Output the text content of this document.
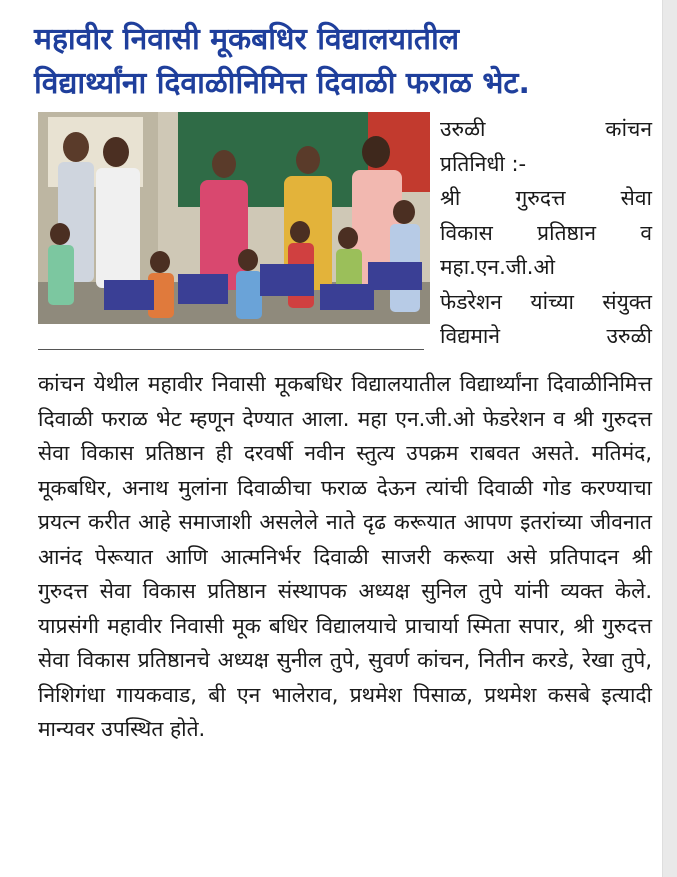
महावीर निवासी मूकबधिर विद्यालयातील
विद्यार्थ्यांना दिवाळीनिमित्त दिवाळी फराळ भेट.
उरुळी कांचन
प्रतिनिधी :-
श्री गुरुदत्त सेवा
विकास प्रतिष्ठान व
महा.एन.जी.ओ
फेडरेशन यांच्या संयुक्त
विद्यमाने उरुळी

कांचन येथील महावीर निवासी मूकबधिर विद्यालयातील विद्यार्थ्यांना दिवाळीनिमित्त दिवाळी फराळ भेट म्हणून देण्यात आला. महा एन.जी.ओ फेडरेशन व श्री गुरुदत्त सेवा विकास प्रतिष्ठान ही दरवर्षी नवीन स्तुत्य उपक्रम राबवत असते. मतिमंद, मूकबधिर, अनाथ मुलांना दिवाळीचा फराळ देऊन त्यांची दिवाळी गोड करण्याचा प्रयत्न करीत आहे समाजाशी असलेले नाते दृढ करूयात आपण इतरांच्या जीवनात आनंद पेरूयात आणि आत्मनिर्भर दिवाळी साजरी करूया असे प्रतिपादन श्री गुरुदत्त सेवा विकास प्रतिष्ठान संस्थापक अध्यक्ष सुनिल तुपे यांनी व्यक्त केले. याप्रसंगी महावीर निवासी मूक बधिर विद्यालयाचे प्राचार्या स्मिता सपार, श्री गुरुदत्त सेवा विकास प्रतिष्ठानचे अध्यक्ष सुनील तुपे, सुवर्ण कांचन, नितीन करडे, रेखा तुपे, निशिगंधा गायकवाड, बी एन भालेराव, प्रथमेश पिसाळ, प्रथमेश कसबे इत्यादी मान्यवर उपस्थित होते.
